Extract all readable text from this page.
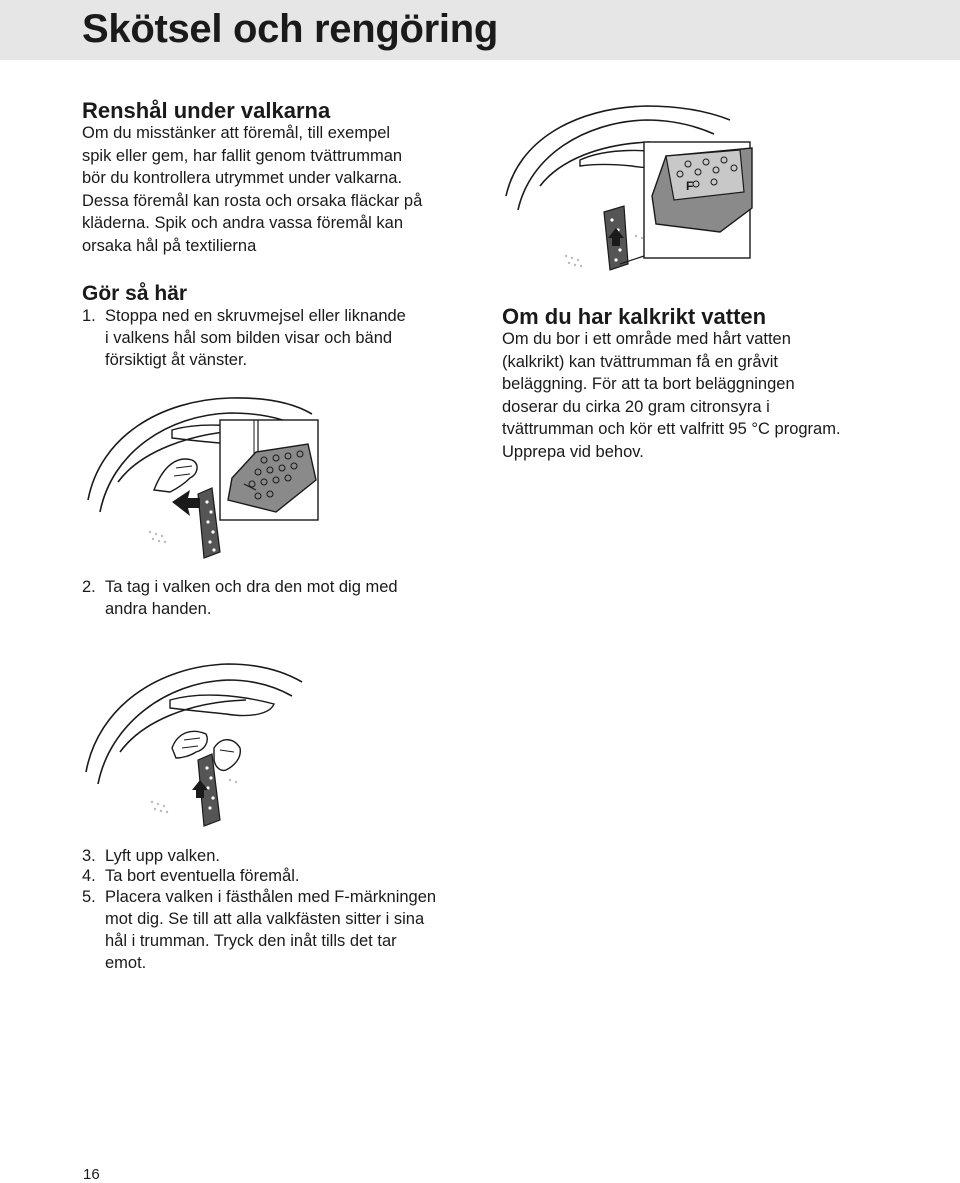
Skötsel och rengöring
Renshål under valkarna
Om du misstänker att föremål, till exempel
spik eller gem, har fallit genom tvättrumman
bör du kontrollera utrymmet under valkarna.
Dessa föremål kan rosta och orsaka fläckar på
kläderna. Spik och andra vassa föremål kan
orsaka hål på textilierna
Gör så här
1. Stoppa ned en skruvmejsel eller liknande
i valkens hål som bilden visar och bänd
försiktigt åt vänster.
2. Ta tag i valken och dra den mot dig med
andra handen.
3. Lyft upp valken.
4. Ta bort eventuella föremål.
5. Placera valken i fästhålen med F-märkningen
mot dig. Se till att alla valkfästen sitter i sina
hål i trumman. Tryck den inåt tills det tar
emot.
F
Om du har kalkrikt vatten
Om du bor i ett område med hårt vatten
(kalkrikt) kan tvättrumman få en gråvit
beläggning. För att ta bort beläggningen
doserar du cirka 20 gram citronsyra i
tvättrumman och kör ett valfritt 95 °C program.
Upprepa vid behov.
16
